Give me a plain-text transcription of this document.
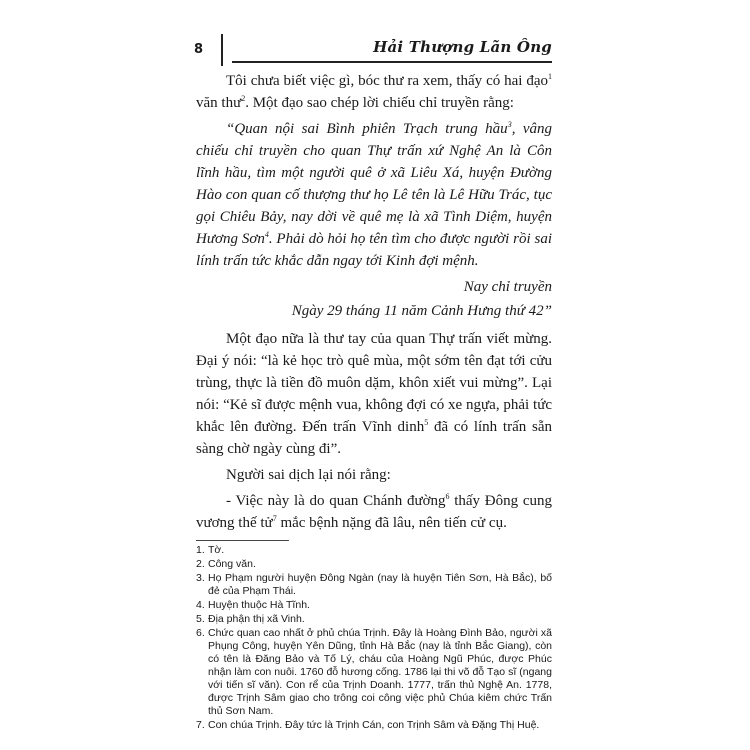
8	Hải Thượng Lãn Ông

Tôi chưa biết việc gì, bóc thư ra xem, thấy có hai đạo$^1$ văn thư$^2$. Một đạo sao chép lời chiếu chỉ truyền rằng:

“Quan nội sai Bình phiên Trạch trung hầu$^3$, vâng chiếu chỉ truyền cho quan Thự trấn xứ Nghệ An là Côn lĩnh hầu, tìm một người quê ở xã Liêu Xá, huyện Đường Hào con quan cố thượng thư họ Lê tên là Lê Hữu Trác, tục gọi Chiêu Bảy, nay dời về quê mẹ là xã Tình Diệm, huyện Hương Sơn$^4$. Phải dò hỏi họ tên tìm cho được người rồi sai lính trấn tức khắc dẫn ngay tới Kinh đợi mệnh.

Nay chỉ truyền

Ngày 29 tháng 11 năm Cảnh Hưng thứ 42”

Một đạo nữa là thư tay của quan Thự trấn viết mừng. Đại ý nói: “là kẻ học trò quê mùa, một sớm tên đạt tới cửu trùng, thực là tiền đồ muôn dặm, khôn xiết vui mừng”. Lại nói: “Kẻ sĩ được mệnh vua, không đợi có xe ngựa, phải tức khắc lên đường. Đến trấn Vĩnh dinh$^5$ đã có lính trấn sẵn sàng chờ ngày cùng đi”.

Người sai dịch lại nói rằng:

- Việc này là do quan Chánh đường$^6$ thấy Đông cung vương thế tử$^7$ mắc bệnh nặng đã lâu, nên tiến cử cụ.

1. Tờ.
2. Công văn.
3. Họ Phạm người huyện Đông Ngàn (nay là huyện Tiên Sơn, Hà Bắc), bố đẻ của Phạm Thái.
4. Huyện thuộc Hà Tĩnh.
5. Địa phận thị xã Vinh.
6. Chức quan cao nhất ở phủ chúa Trịnh. Đây là Hoàng Đình Bảo, người xã Phụng Công, huyện Yên Dũng, tỉnh Hà Bắc (nay là tỉnh Bắc Giang), còn có tên là Đăng Bảo và Tố Lý, cháu của Hoàng Ngũ Phúc, được Phúc nhận làm con nuôi. 1760 đỗ hương cống. 1786 lại thi võ đỗ Tạo sĩ (ngang với tiến sĩ văn). Con rể của Trịnh Doanh. 1777, trấn thủ Nghệ An. 1778, được Trịnh Sâm giao cho trông coi công việc phủ Chúa kiêm chức Trấn thủ Sơn Nam.
7. Con chúa Trịnh. Đây tức là Trịnh Cán, con Trịnh Sâm và Đặng Thị Huệ.
